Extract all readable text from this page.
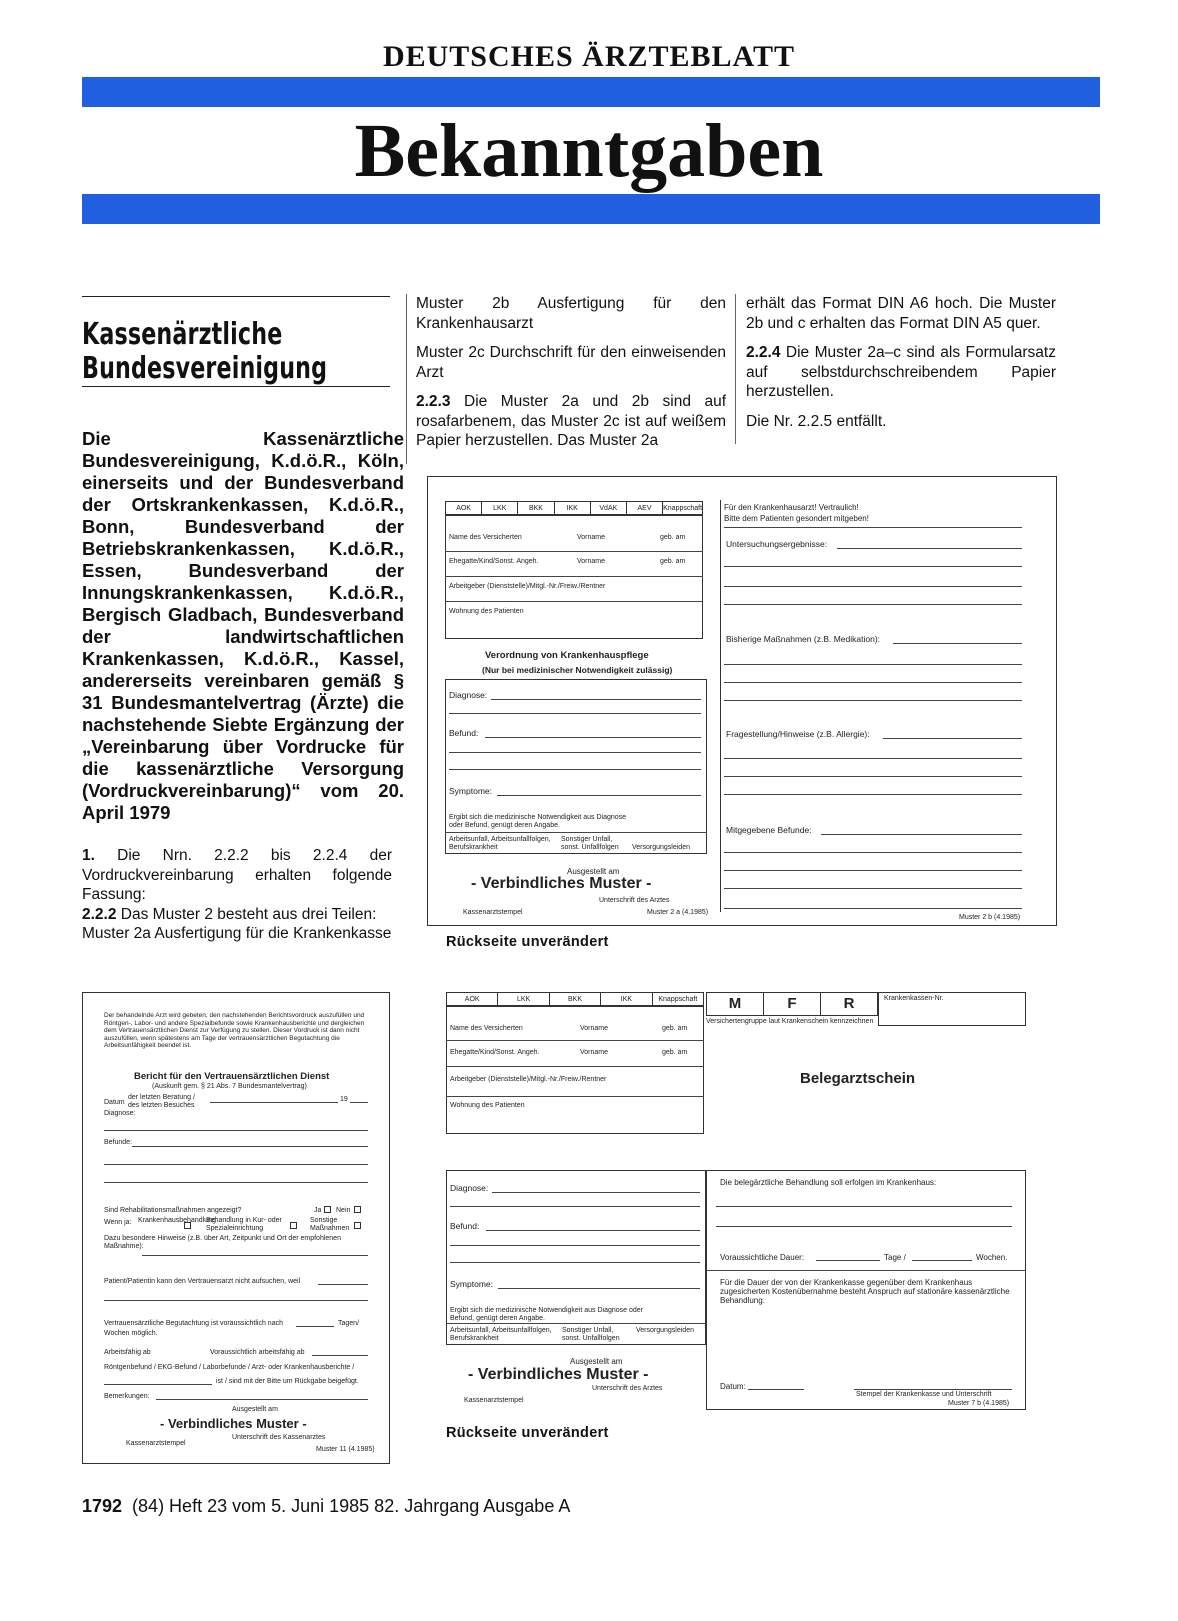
DEUTSCHES ÄRZTEBLATT
Bekanntgaben
Kassenärztliche
Bundesvereinigung
Die Kassenärztliche Bundesvereinigung, K.d.ö.R., Köln, einerseits und der Bundesverband der Ortskrankenkassen, K.d.ö.R., Bonn, Bundesverband der Betriebskrankenkassen, K.d.ö.R., Essen, Bundesverband der Innungskrankenkassen, K.d.ö.R., Bergisch Gladbach, Bundesverband der landwirtschaftlichen Krankenkassen, K.d.ö.R., Kassel, andererseits vereinbaren gemäß § 31 Bundesmantelvertrag (Ärzte) die nachstehende Siebte Ergänzung der „Vereinbarung über Vordrucke für die kassenärztliche Versorgung (Vordruckvereinbarung)“ vom 20. April 1979

1. Die Nrn. 2.2.2 bis 2.2.4 der Vordruckvereinbarung erhalten folgende Fassung:

2.2.2 Das Muster 2 besteht aus drei Teilen:

Muster 2a Ausfertigung für die Krankenkasse

Muster 2b Ausfertigung für den Krankenhausarzt

Muster 2c Durchschrift für den einweisenden Arzt

2.2.3 Die Muster 2a und 2b sind auf rosafarbenem, das Muster 2c ist auf weißem Papier herzustellen. Das Muster 2a

erhält das Format DIN A6 hoch. Die Muster 2b und c erhalten das Format DIN A5 quer.

2.2.4 Die Muster 2a–c sind als Formularsatz auf selbstdurchschreibendem Papier herzustellen.

Die Nr. 2.2.5 entfällt.

AOK	LKK	BKK	IKK	VdAK	AEV	Knappschaft
Name des Versicherten	Vorname	geb. am
Ehegatte/Kind/Sonst. Angeh.	Vorname	geb. am
Arbeitgeber (Dienststelle)/Mitgl.-Nr./Freiw./Rentner
Wohnung des Patienten
Verordnung von Krankenhauspflege
(Nur bei medizinischer Notwendigkeit zulässig)
Diagnose:
Befund:
Symptome:
Ergibt sich die medizinische Notwendigkeit aus Diagnose oder Befund, genügt deren Angabe.
Arbeitsunfall, Arbeitsunfallfolgen, Berufskrankheit
Sonstiger Unfall, sonst. Unfallfolgen	Versorgungsleiden
Ausgestellt am
- Verbindliches Muster -
Unterschrift des Arztes
Kassenarztstempel	Muster 2 a (4.1985)
Für den Krankenhausarzt! Vertraulich!
Bitte dem Patienten gesondert mitgeben!
Untersuchungsergebnisse:
Bisherige Maßnahmen (z.B. Medikation):
Fragestellung/Hinweise (z.B. Allergie):
Mitgegebene Befunde:
Muster 2 b (4.1985)
Rückseite unverändert
Der behandelnde Arzt wird gebeten, den nachstehenden Berichtsvordruck auszufüllen und Röntgen-, Labor- und andere Spezialbefunde sowie Krankenhausberichte und dergleichen dem Vertrauensärztlichen Dienst zur Verfügung zu stellen. Dieser Vordruck ist dann nicht auszufüllen, wenn spätestens am Tage der vertrauensärztlichen Begutachtung die Arbeitsunfähigkeit beendet ist.
Bericht für den Vertrauensärztlichen Dienst
(Auskunft gem. § 21 Abs. 7 Bundesmantelvertrag)
Datum
der letzten Beratung / des letzten Besuches
19
Diagnose:
Befunde:
Sind Rehabilitationsmaßnahmen angezeigt?	Ja Nein
Wenn ja: Krankenhausbehandlung
Behandlung in Kur- oder Spezialeinrichtung
Sonstige Maßnahmen
Dazu besondere Hinweise (z.B. über Art, Zeitpunkt und Ort der empfohlenen Maßnahme):
Patient/Patientin kann den Vertrauensarzt nicht aufsuchen, weil
Vertrauensärztliche Begutachtung ist voraussichtlich nach	Tagen/
Wochen möglich.
Arbeitsfähig ab	Voraussichtlich arbeitsfähig ab
Röntgenbefund / EKG-Befund / Laborbefunde / Arzt- oder Krankenhausberichte /
ist / sind mit der Bitte um Rückgabe beigefügt.
Bemerkungen:
Ausgestellt am
- Verbindliches Muster -
Kassenarztstempel
Unterschrift des Kassenarztes
Muster 11 (4.1985)
AOK	LKK	BKK	IKK	Knappschaft
Name des Versicherten	Vorname	geb. am
Ehegatte/Kind/Sonst. Angeh.	Vorname	geb. am
Arbeitgeber (Dienststelle)/Mitgl.-Nr./Freiw./Rentner
Wohnung des Patienten
M	F	R
Versichertengruppe laut Krankenschein kennzeichnen
Krankenkassen-Nr.
Belegarztschein
Diagnose:
Befund:
Symptome:
Ergibt sich die medizinische Notwendigkeit aus Diagnose oder Befund, genügt deren Angabe.
Arbeitsunfall, Arbeitsunfallfolgen, Berufskrankheit
Sonstiger Unfall, sonst. Unfallfolgen
Versorgungsleiden
Ausgestellt am
- Verbindliches Muster -
Unterschrift des Arztes
Kassenarztstempel
Die belegärztliche Behandlung soll erfolgen im Krankenhaus:
Voraussichtliche Dauer:	Tage /	Wochen.
Für die Dauer der von der Krankenkasse gegenüber dem Krankenhaus zugesicherten Kostenübernahme besteht Anspruch auf stationäre kassenärztliche Behandlung.
Datum:
Stempel der Krankenkasse und Unterschrift
Muster 7 b (4.1985)
Rückseite unverändert
1792 (84) Heft 23 vom 5. Juni 1985 82. Jahrgang Ausgabe A
